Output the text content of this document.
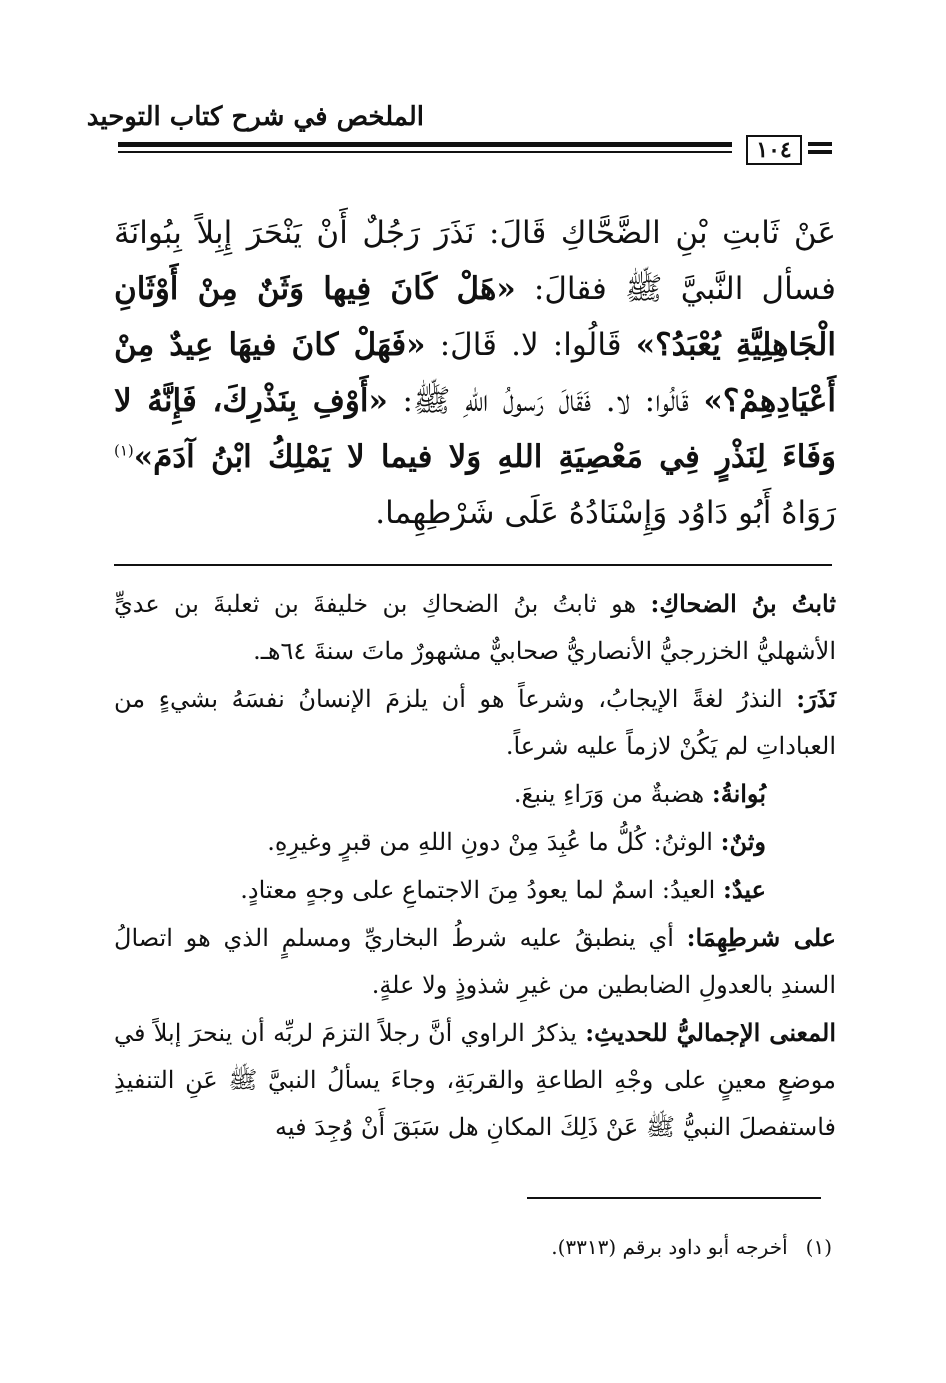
الملخص في شرح كتاب التوحيد
١٠٤
عَنْ ثَابتِ بْنِ الضَّحَّاكِ قَالَ: نَذَرَ رَجُلٌ أَنْ يَنْحَرَ إِبِلاً بِبُوانَةَ فسأل النَّبيَّ ﷺ فقالَ: «هَلْ كَانَ فِيها وَثَنٌ مِنْ أَوْثَانِ الْجَاهِلِيَّةِ يُعْبَدُ؟» قَالُوا: لا. قَالَ: «فَهَلْ كانَ فيهَا عِيدٌ مِنْ أَعْيَادِهِمْ؟» قَالُوا: لا. فَقَالَ رَسولُ اللهِ ﷺ: «أَوْفِ بِنَذْرِكَ، فَإِنَّهُ لا وَفَاءَ لِنَذْرٍ فِي مَعْصِيَةِ اللهِ وَلا فيما لا يَمْلِكُ ابْنُ آدَمَ»$^{(١)}$ رَوَاهُ أَبُو دَاوُد وَإِسْنَادُهُ عَلَى شَرْطِهِما.

ثابتُ بنُ الضحاكِ: هو ثابتُ بنُ الضحاكِ بن خليفةَ بن ثعلبةَ بن عديٍّ الأشهليُّ الخزرجيُّ الأنصاريُّ صحابيٌّ مشهورٌ ماتَ سنةَ ٦٤هـ.

نَذَرَ: النذرُ لغةً الإيجابُ، وشرعاً هو أن يلزمَ الإنسانُ نفسَهُ بشيءٍ من العباداتِ لم يَكُنْ لازماً عليه شرعاً.

بُوانةُ: هضبةٌ من وَرَاءِ ينبعَ.

وثنٌ: الوثنُ: كُلُّ ما عُبِدَ مِنْ دونِ اللهِ من قبرٍ وغيرِهِ.

عيدٌ: العيدُ: اسمٌ لما يعودُ مِنَ الاجتماعِ على وجهٍ معتادٍ.

على شرطِهِمَا: أي ينطبقُ عليه شرطُ البخاريِّ ومسلمٍ الذي هو اتصالُ السندِ بالعدولِ الضابطين من غيرِ شذوذٍ ولا علةٍ.

المعنى الإجماليُّ للحديثِ: يذكرُ الراوي أنَّ رجلاً التزمَ لربِّه أن ينحرَ إبلاً في موضعٍ معينٍ على وجْهِ الطاعةِ والقربَةِ، وجاءَ يسألُ النبيَّ ﷺ عَنِ التنفيذِ فاستفصلَ النبيُّ ﷺ عَنْ ذَلِكَ المكانِ هل سَبَقَ أَنْ وُجِدَ فيه

(١)أخرجه أبو داود برقم (٣٣١٣).
